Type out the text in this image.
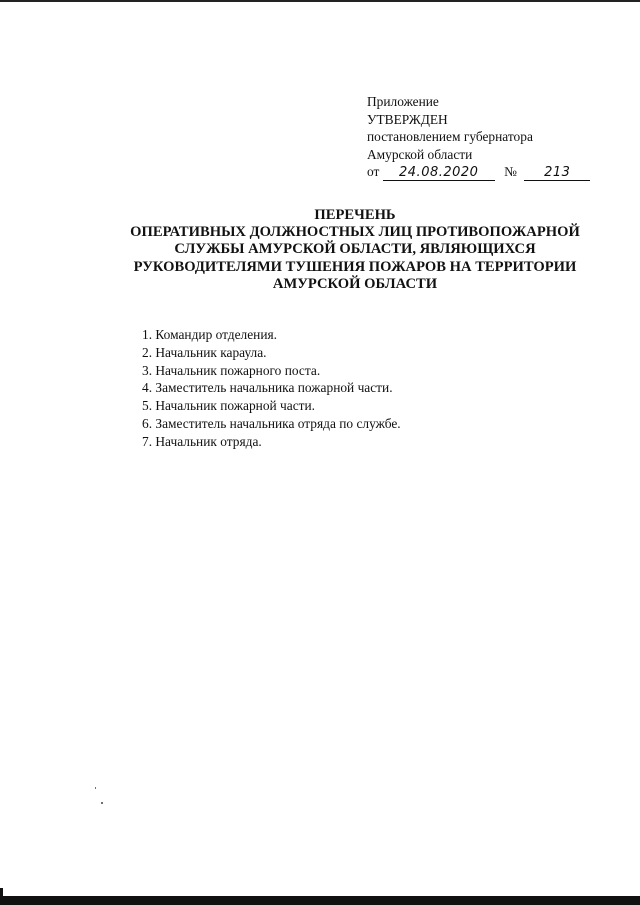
Приложение
УТВЕРЖДЕН
постановлением губернатора
Амурской области
от 24.08.2020 № 213
ПЕРЕЧЕНЬ
ОПЕРАТИВНЫХ ДОЛЖНОСТНЫХ ЛИЦ ПРОТИВОПОЖАРНОЙ
СЛУЖБЫ АМУРСКОЙ ОБЛАСТИ, ЯВЛЯЮЩИХСЯ
РУКОВОДИТЕЛЯМИ ТУШЕНИЯ ПОЖАРОВ НА ТЕРРИТОРИИ
АМУРСКОЙ ОБЛАСТИ
1. Командир отделения.
2. Начальник караула.
3. Начальник пожарного поста.
4. Заместитель начальника пожарной части.
5. Начальник пожарной части.
6. Заместитель начальника отряда по службе.
7. Начальник отряда.
